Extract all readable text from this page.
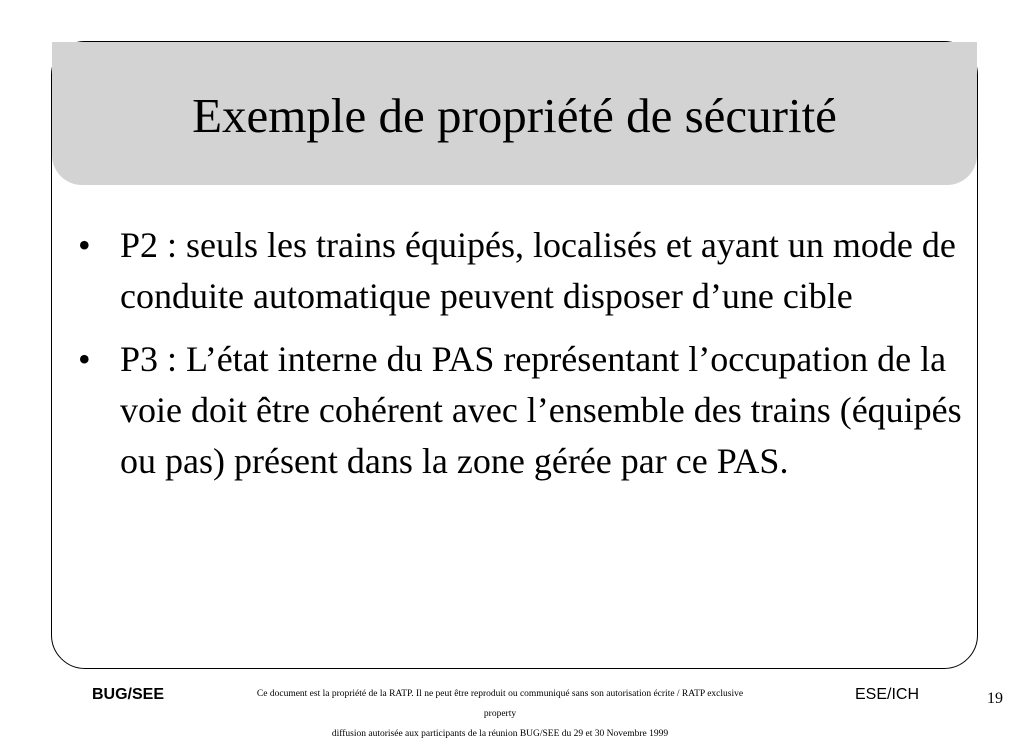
Exemple de propriété de sécurité
• P2 : seuls les trains équipés, localisés et ayant un mode de conduite automatique peuvent disposer d’une cible
• P3 : L’état interne du PAS représentant l’occupation de la voie doit être cohérent avec l’ensemble des trains (équipés ou pas) présent dans la zone gérée par ce PAS.
BUG/SEE	Ce document est la propriété de la RATP. Il ne peut être reproduit ou communiqué sans son autorisation écrite / RATP exclusive property
diffusion autorisée aux participants de la réunion BUG/SEE du 29 et 30 Novembre 1999
ESE/ICH	19
